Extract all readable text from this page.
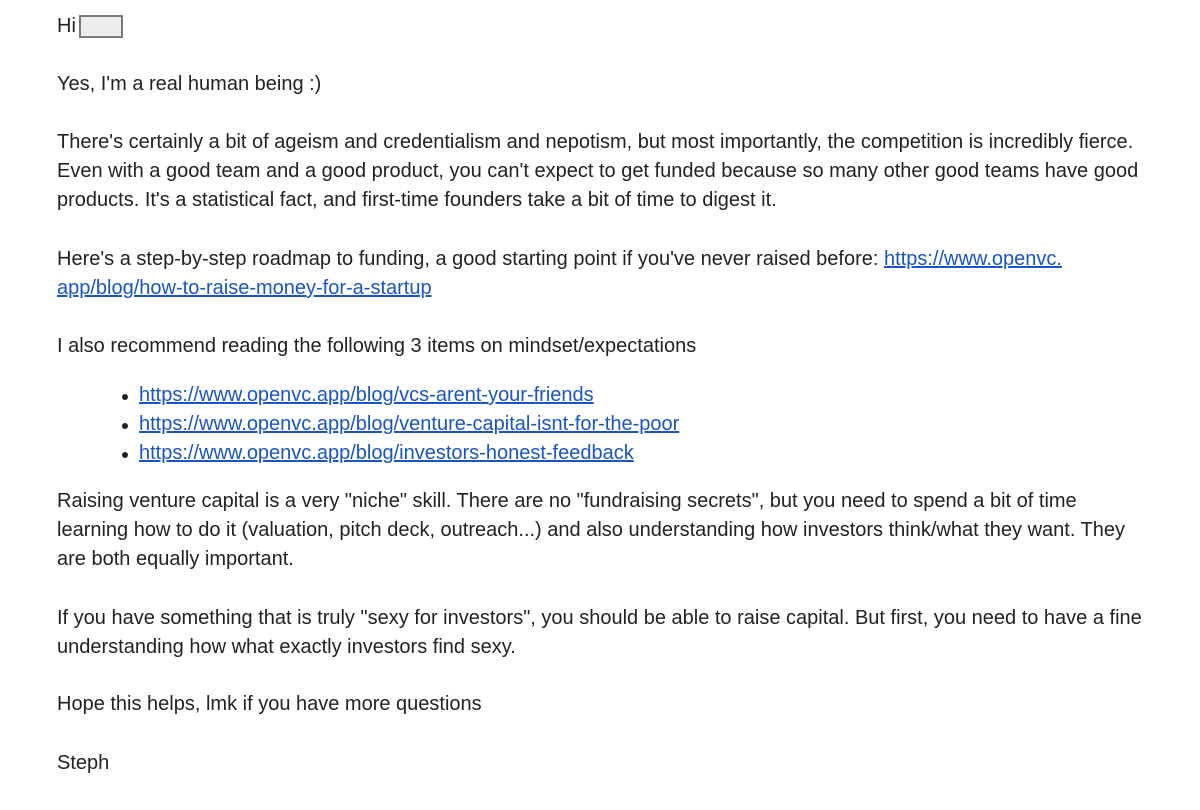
Hi

Yes, I'm a real human being :)

There's certainly a bit of ageism and credentialism and nepotism, but most importantly, the competition is incredibly fierce.

Even with a good team and a good product, you can't expect to get funded because so many other good teams have good

products. It's a statistical fact, and first-time founders take a bit of time to digest it.

Here's a step-by-step roadmap to funding, a good starting point if you've never raised before: https://www.openvc.

app/blog/how-to-raise-money-for-a-startup

I also recommend reading the following 3 items on mindset/expectations

https://www.openvc.app/blog/vcs-arent-your-friends
https://www.openvc.app/blog/venture-capital-isnt-for-the-poor
https://www.openvc.app/blog/investors-honest-feedback

Raising venture capital is a very "niche" skill. There are no "fundraising secrets", but you need to spend a bit of time

learning how to do it (valuation, pitch deck, outreach...) and also understanding how investors think/what they want. They

are both equally important.

If you have something that is truly "sexy for investors", you should be able to raise capital. But first, you need to have a fine

understanding how what exactly investors find sexy.

Hope this helps, lmk if you have more questions

Steph
